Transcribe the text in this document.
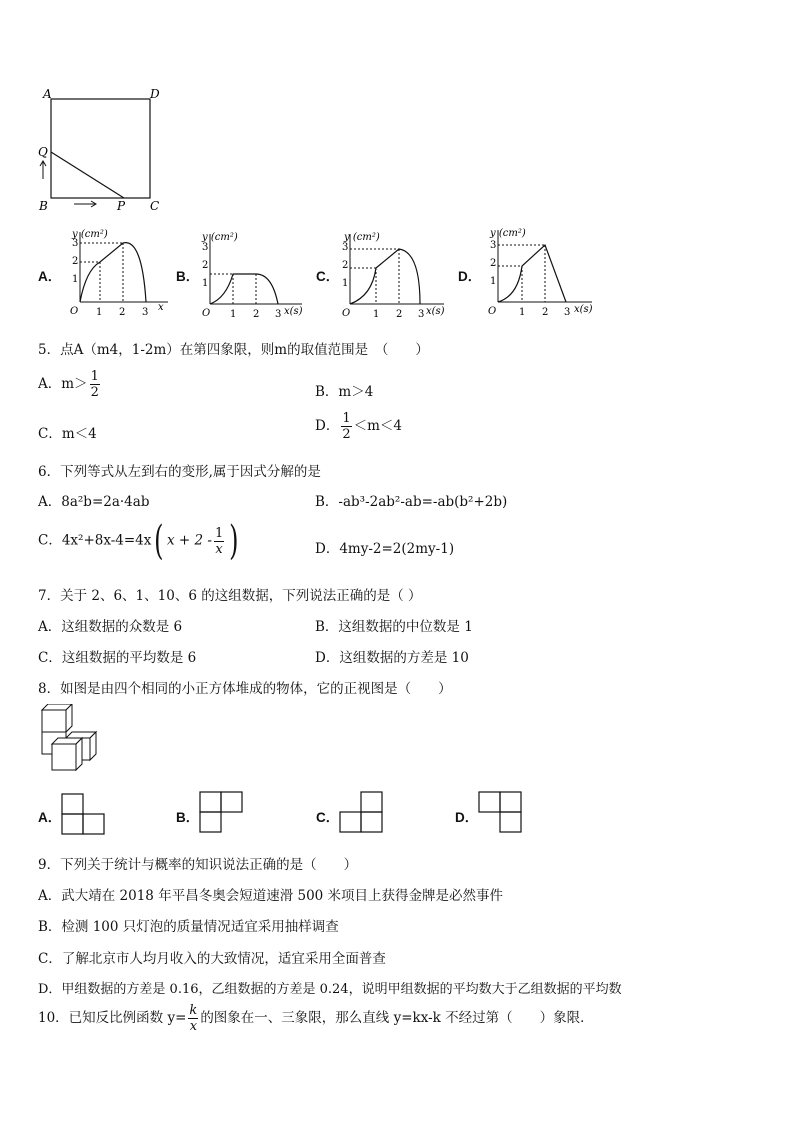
A	D
Q
B	P C
A．
y (cm²)
x
O 1 2 3
1
2
3
B．
y (cm²)
x(s)
O 1 2 3
1
2
3
C．
y (cm²)
x(s)
O 1 2 3
1
2
3
D．
y (cm²)
x(s)
O 1 2 3
1
2
3
5．点A（m4，1-2m）在第四象限，则m的取值范围是　（　　）
A．$m> \frac{1}{2}$	B．m＞4
C．m＜4	D． $\frac{1}{2} <m<4$
6．下列等式从左到右的变形,属于因式分解的是
A．8a²b=2a·4ab	B．-ab³-2ab²-ab=-ab(b²+2b)
C．4x²+8x-4=4x( $x + 2 - \frac{1}{x}$ )	D．4my-2=2(2my-1)
7．关于 2、6、1、10、6 的这组数据，下列说法正确的是（ ）
A．这组数据的众数是 6	B．这组数据的中位数是 1
C．这组数据的平均数是 6	D．这组数据的方差是 10
8．如图是由四个相同的小正方体堆成的物体，它的正视图是（　　）
A．	B．	C．	D．
9．下列关于统计与概率的知识说法正确的是（　　）
A．武大靖在 2018 年平昌冬奥会短道速滑 500 米项目上获得金牌是必然事件
B．检测 100 只灯泡的质量情况适宜采用抽样调查
C．了解北京市人均月收入的大致情况，适宜采用全面普查
D．甲组数据的方差是 0.16，乙组数据的方差是 0.24，说明甲组数据的平均数大于乙组数据的平均数
10．已知反比例函数 $y= \frac{k}{x}$ 的图象在一、三象限，那么直线 y=kx-k 不经过第（　　）象限．
